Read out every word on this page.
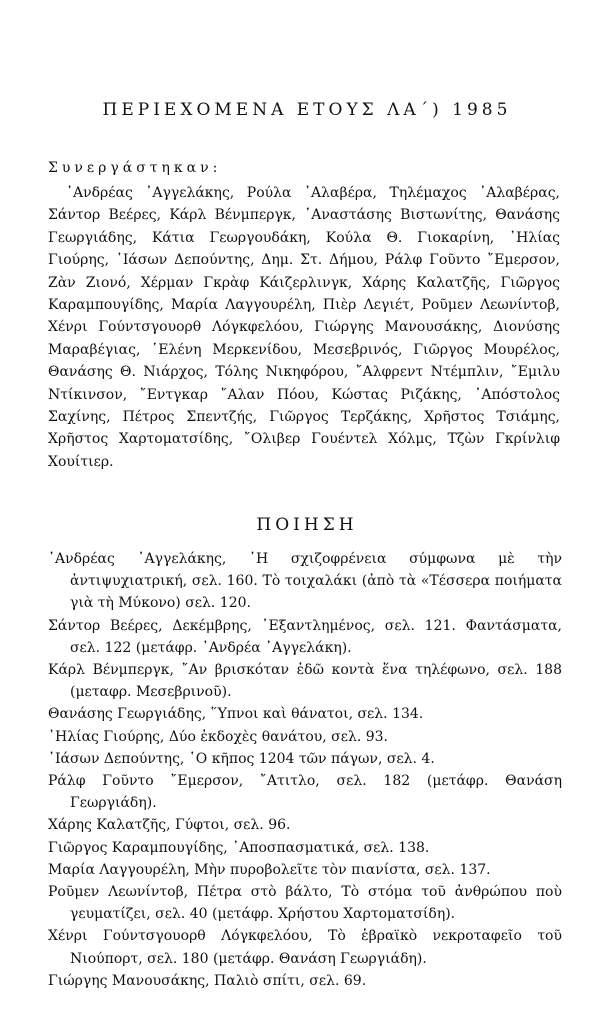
ΠΕΡΙΕΧΟΜΕΝΑ ΕΤΟΥΣ ΛΑ΄) 1985
Συνεργάστηκαν:

᾿Ανδρέας ᾿Αγγελάκης, Ρούλα ᾿Αλαβέρα, Τηλέμαχος ᾿Αλαβέρας, Σάντορ Βεέρες, Κάρλ Βένμπεργκ, ᾿Αναστάσης Βιστωνίτης, Θανάσης Γεωργιάδης, Κάτια Γεωργουδάκη, Κούλα Θ. Γιοκαρίνη, ᾿Ηλίας Γιούρης, ᾿Ιάσων Δεπούντης, Δημ. Στ. Δήμου, Ράλφ Γοῦντο ῎Εμερσον, Ζὰν Ζιονό, Χέρμαν Γκρὰφ Κάιζερλινγκ, Χάρης Καλατζῆς, Γιῶργος Καραμπουγίδης, Μαρία Λαγγουρέλη, Πιὲρ Λεγιέτ, Ροῦμεν Λεωνίντοβ, Χένρι Γούντσγουορθ Λόγκφελόου, Γιώργης Μανουσάκης, Διονύσης Μαραβέγιας, ῾Ελένη Μερκενίδου, Μεσεβρινός, Γιῶργος Μουρέλος, Θανάσης Θ. Νιάρχος, Τόλης Νικηφόρου, ῎Αλφρεντ Ντέμπλιν, ῎Εμιλυ Ντίκινσον, ῎Εντγκαρ ῎Αλαν Πόου, Κώστας Ριζάκης, ᾿Απόστολος Σαχίνης, Πέτρος Σπεντζής, Γιῶργος Τερζάκης, Χρῆστος Τσιάμης, Χρῆστος Χαρτοματσίδης, ῎Ολιβερ Γουέντελ Χόλμς, Τζὼν Γκρίνλιφ Χουίτιερ.

ΠΟΙΗΣΗ
᾿Ανδρέας ᾿Αγγελάκης, ῾Η σχιζοφρένεια σύμφωνα μὲ τὴν ἀντιψυχιατρική, σελ. 160. Τὸ τοιχαλάκι (ἀπὸ τὰ «Τέσσερα ποιήματα γιὰ τὴ Μύκονο) σελ. 120.
Σάντορ Βεέρες, Δεκέμβρης, ᾿Εξαντλημένος, σελ. 121. Φαντάσματα, σελ. 122 (μετάφρ. ᾿Ανδρέα ᾿Αγγελάκη).
Κάρλ Βένμπεργκ, ῎Αν βρισκόταν ἐδῶ κοντὰ ἕνα τηλέφωνο, σελ. 188 (μεταφρ. Μεσεβρινοῦ).
Θανάσης Γεωργιάδης, ῞Υπνοι καὶ θάνατοι, σελ. 134.
᾿Ηλίας Γιούρης, Δύο ἐκδοχὲς θανάτου, σελ. 93.
᾿Ιάσων Δεπούντης, ῾Ο κῆπος 1204 τῶν πάγων, σελ. 4.
Ράλφ Γοῦντο ῎Εμερσον, ῎Ατιτλο, σελ. 182 (μετάφρ. Θανάση Γεωργιάδη).
Χάρης Καλατζῆς, Γύφτοι, σελ. 96.
Γιῶργος Καραμπουγίδης, ᾿Αποσπασματικά, σελ. 138.
Μαρία Λαγγουρέλη, Μὴν πυροβολεῖτε τὸν πιανίστα, σελ. 137.
Ροῦμεν Λεωνίντοβ, Πέτρα στὸ βάλτο, Τὸ στόμα τοῦ ἀνθρώπου ποὺ γευματίζει, σελ. 40 (μετάφρ. Χρήστου Χαρτοματσίδη).
Χένρι Γούντσγουορθ Λόγκφελόου, Τὸ ἑβραϊκὸ νεκροταφεῖο τοῦ Νιούπορτ, σελ. 180 (μετάφρ. Θανάση Γεωργιάδη).
Γιώργης Μανουσάκης, Παλιὸ σπίτι, σελ. 69.
